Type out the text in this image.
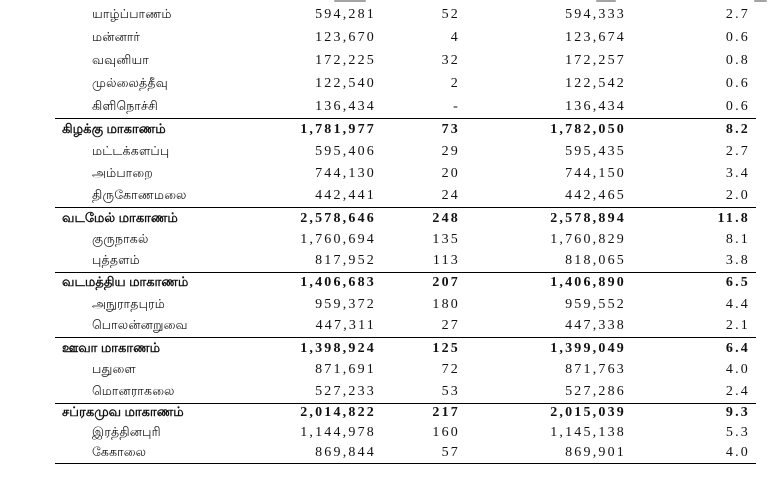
யாழ்ப்பாணம்	594,281	52	594,333	2.7
மன்னார்	123,670	4	123,674	0.6
வவுனியா	172,225	32	172,257	0.8
முல்லைத்தீவு	122,540	2	122,542	0.6
கிளிநொச்சி	136,434	-	136,434	0.6
கிழக்கு மாகாணம்	1,781,977	73	1,782,050	8.2
மட்டக்களப்பு	595,406	29	595,435	2.7
அம்பாறை	744,130	20	744,150	3.4
திருகோணமலை	442,441	24	442,465	2.0
வடமேல் மாகாணம்	2,578,646	248	2,578,894	11.8
குருநாகல்	1,760,694	135	1,760,829	8.1
புத்தளம்	817,952	113	818,065	3.8
வடமத்திய மாகாணம்	1,406,683	207	1,406,890	6.5
அநுராதபுரம்	959,372	180	959,552	4.4
பொலன்னறுவை	447,311	27	447,338	2.1
ஊவா மாகாணம்	1,398,924	125	1,399,049	6.4
பதுளை	871,691	72	871,763	4.0
மொனராகலை	527,233	53	527,286	2.4
சப்ரகமுவ மாகாணம்	2,014,822	217	2,015,039	9.3
இரத்தினபுரி	1,144,978	160	1,145,138	5.3
கேகாலை	869,844	57	869,901	4.0
